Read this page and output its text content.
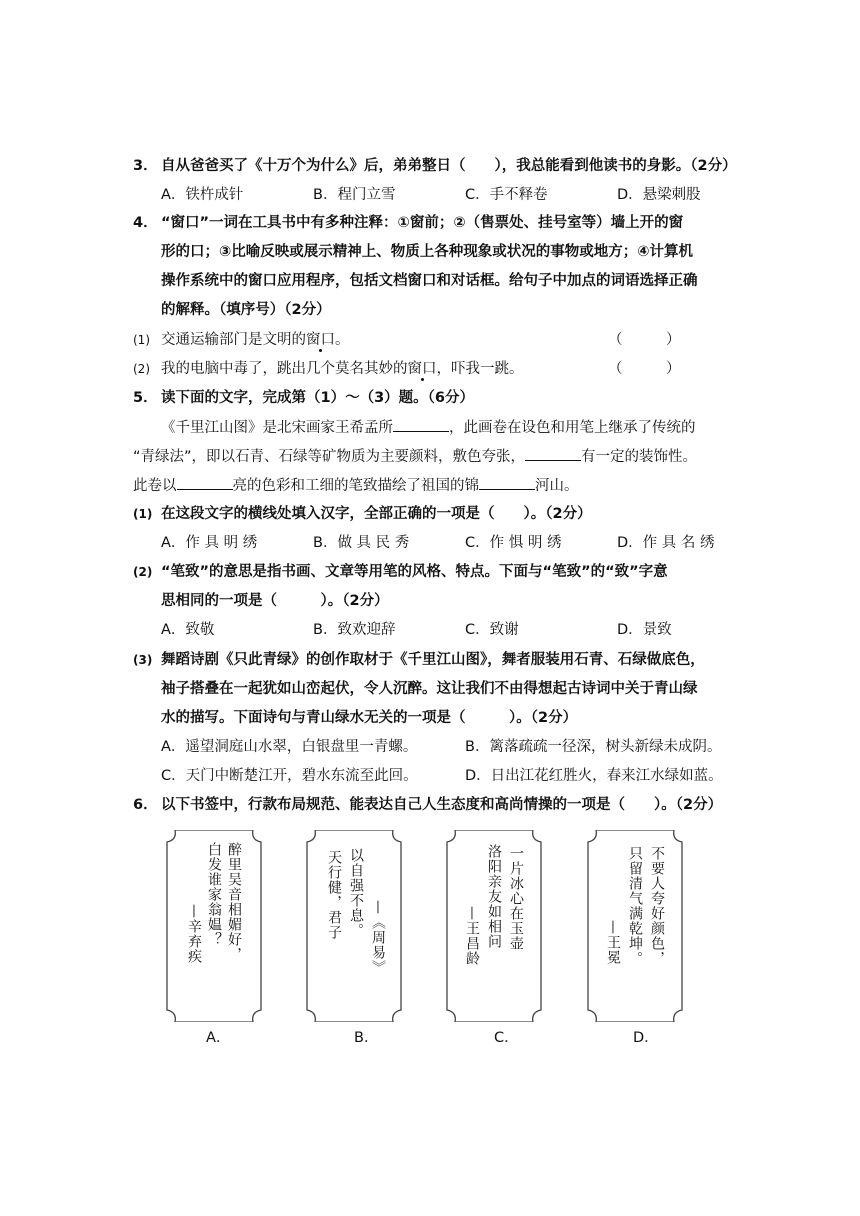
3． 自从爸爸买了《十万个为什么》后，弟弟整日（　　），我总能看到他读书的身影。（2分）
A．铁杵成针	B．程门立雪	C．手不释卷	D．悬梁刺股
4． “窗口”一词在工具书中有多种注释：①窗前；②（售票处、挂号室等）墙上开的窗
形的口；③比喻反映或展示精神上、物质上各种现象或状况的事物或地方；④计算机
操作系统中的窗口应用程序，包括文档窗口和对话框。给句子中加点的词语选择正确
的解释。（填序号）（2分）
(1) 交通运输部门是文明的窗口。	（　　　）
(2) 我的电脑中毒了，跳出几个莫名其妙的窗口，吓我一跳。	（　　　）
5． 读下面的文字，完成第（1）～（3）题。（6分）
《千里江山图》是北宋画家王希孟所	，此画卷在设色和用笔上继承了传统的
“青绿法”，即以石青、石绿等矿物质为主要颜料，敷色夸张，	有一定的装饰性。
此卷以	亮的色彩和工细的笔致描绘了祖国的锦	河山。
(1) 在这段文字的横线处填入汉字，全部正确的一项是（　　）。（2分）
A．作 具 明 绣	B．做 具 民 秀	C．作 惧 明 绣	D．作 具 名 绣
(2) “笔致”的意思是指书画、文章等用笔的风格、特点。下面与“笔致”的“致”字意
思相同的一项是（　　　）。（2分）
A．致敬	B．致欢迎辞	C．致谢	D．景致
(3) 舞蹈诗剧《只此青绿》的创作取材于《千里江山图》，舞者服装用石青、石绿做底色，
袖子搭叠在一起犹如山峦起伏，令人沉醉。这让我们不由得想起古诗词中关于青山绿
水的描写。下面诗句与青山绿水无关的一项是（　　　）。（2分）
A．遥望洞庭山水翠，白银盘里一青螺。	B．篱落疏疏一径深，树头新绿未成阴。
C．天门中断楚江开，碧水东流至此回。	D．日出江花红胜火，春来江水绿如蓝。
6． 以下书签中，行款布局规范、能表达自己人生态度和高尚情操的一项是（　　）。（2分）
醉里吴音相媚好，
白发谁家翁媪？
—辛弃疾
A．
以自强不息。
天行健，君子 —《周易》
B．
一片冰心在玉壶
洛阳亲友如相问
—王昌龄
C．
不要人夸好颜色，
只留清气满乾坤。
—王冕
D．
